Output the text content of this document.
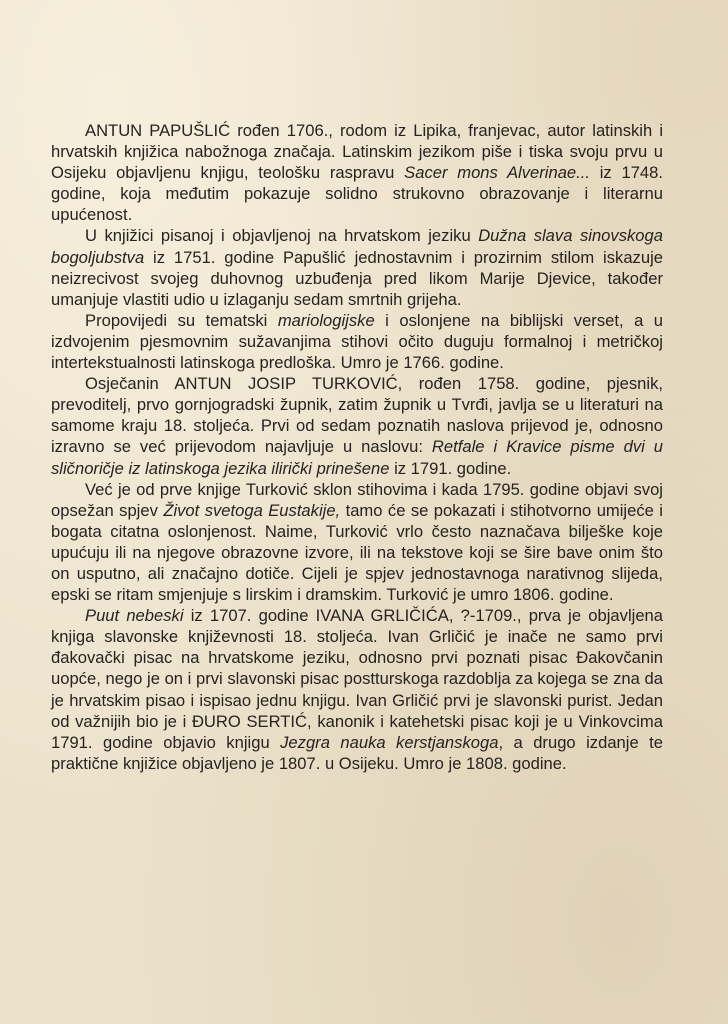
ANTUN PAPUŠLIĆ rođen 1706., rodom iz Lipika, franjevac, autor latinskih i hrvatskih knjižica nabožnoga značaja. Latinskim jezikom piše i tiska svoju prvu u Osijeku objavljenu knjigu, teološku raspravu Sacer mons Alverinae... iz 1748. godine, koja međutim pokazuje solidno strukovno obrazovanje i literarnu upućenost.

U knjižici pisanoj i objavljenoj na hrvatskom jeziku Dužna slava sinovskoga bogoljubstva iz 1751. godine Papušlić jednostavnim i prozirnim stilom iskazuje neizrecivost svojeg duhovnog uzbuđenja pred likom Marije Djevice, također umanjuje vlastiti udio u izlaganju sedam smrtnih grijeha.

Propovijedi su tematski mariologijske i oslonjene na biblijski verset, a u izdvojenim pjesmovnim sužavanjima stihovi očito duguju formalnoj i metričkoj intertekstualnosti latinskoga predloška. Umro je 1766. godine.

Osječanin ANTUN JOSIP TURKOVIĆ, rođen 1758. godine, pjesnik, prevoditelj, prvo gornjogradski župnik, zatim župnik u Tvrđi, javlja se u literaturi na samome kraju 18. stoljeća. Prvi od sedam poznatih naslova prijevod je, odnosno izravno se već prijevodom najavljuje u naslovu: Retfale i Kravice pisme dvi u sličnoričje iz latinskoga jezika ilirički prinešene iz 1791. godine.

Već je od prve knjige Turković sklon stihovima i kada 1795. godine objavi svoj opsežan spjev Život svetoga Eustakije, tamo će se pokazati i stihotvorno umijeće i bogata citatna oslonjenost. Naime, Turković vrlo često naznačava bilješke koje upućuju ili na njegove obrazovne izvore, ili na tekstove koji se šire bave onim što on usputno, ali značajno dotiče. Cijeli je spjev jednostavnoga narativnog slijeda, epski se ritam smjenjuje s lirskim i dramskim. Turković je umro 1806. godine.

Puut nebeski iz 1707. godine IVANA GRLIČIĆA, ?-1709., prva je objavljena knjiga slavonske književnosti 18. stoljeća. Ivan Grličić je inače ne samo prvi đakovački pisac na hrvatskome jeziku, odnosno prvi poznati pisac Đakovčanin uopće, nego je on i prvi slavonski pisac postturskoga razdoblja za kojega se zna da je hrvatskim pisao i ispisao jednu knjigu. Ivan Grličić prvi je slavonski purist. Jedan od važnijih bio je i ĐURO SERTIĆ, kanonik i katehetski pisac koji je u Vinkovcima 1791. godine objavio knjigu Jezgra nauka kerstjanskoga, a drugo izdanje te praktične knjižice objavljeno je 1807. u Osijeku. Umro je 1808. godine.
